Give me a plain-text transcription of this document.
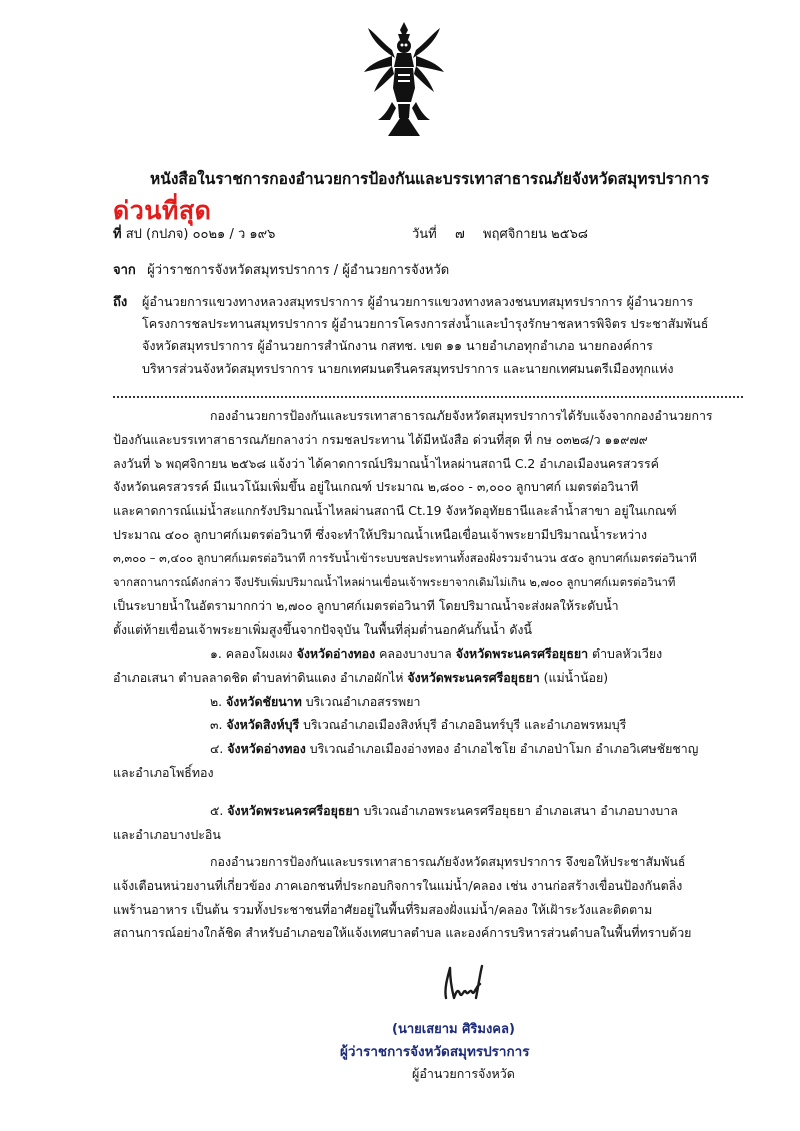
หนังสือในราชการกองอำนวยการป้องกันและบรรเทาสาธารณภัยจังหวัดสมุทรปราการ
ด่วนที่สุด
ที่ สป (กปภจ) ๐๐๒๑ / ว ๑๙๖	วันที่ ๗ พฤศจิกายน ๒๕๖๘
จาก ผู้ว่าราชการจังหวัดสมุทรปราการ / ผู้อำนวยการจังหวัด
ถึง ผู้อำนวยการแขวงทางหลวงสมุทรปราการ ผู้อำนวยการแขวงทางหลวงชนบทสมุทรปราการ ผู้อำนวยการ
โครงการชลประทานสมุทรปราการ ผู้อำนวยการโครงการส่งน้ำและบำรุงรักษาชลหารพิจิตร ประชาสัมพันธ์
จังหวัดสมุทรปราการ ผู้อำนวยการสำนักงาน กสทช. เขต ๑๑ นายอำเภอทุกอำเภอ นายกองค์การ
บริหารส่วนจังหวัดสมุทรปราการ นายกเทศมนตรีนครสมุทรปราการ และนายกเทศมนตรีเมืองทุกแห่ง
กองอำนวยการป้องกันและบรรเทาสาธารณภัยจังหวัดสมุทรปราการได้รับแจ้งจากกองอำนวยการ
ป้องกันและบรรเทาสาธารณภัยกลางว่า กรมชลประทาน ได้มีหนังสือ ด่วนที่สุด ที่ กษ ๐๓๒๘/ว ๑๑๙๗๙
ลงวันที่ ๖ พฤศจิกายน ๒๕๖๘ แจ้งว่า ได้คาดการณ์ปริมาณน้ำไหลผ่านสถานี C.2 อำเภอเมืองนครสวรรค์
จังหวัดนครสวรรค์ มีแนวโน้มเพิ่มขึ้น อยู่ในเกณฑ์ ประมาณ ๒,๘๐๐ - ๓,๐๐๐ ลูกบาศก์ เมตรต่อวินาที
และคาดการณ์แม่น้ำสะแกกรังปริมาณน้ำไหลผ่านสถานี Ct.19 จังหวัดอุทัยธานีและลำน้ำสาขา อยู่ในเกณฑ์
ประมาณ ๔๐๐ ลูกบาศก์เมตรต่อวินาที ซึ่งจะทำให้ปริมาณน้ำเหนือเขื่อนเจ้าพระยามีปริมาณน้ำระหว่าง
๓,๓๐๐ – ๓,๔๐๐ ลูกบาศก์เมตรต่อวินาที การรับน้ำเข้าระบบชลประทานทั้งสองฝั่งรวมจำนวน ๕๕๐ ลูกบาศก์เมตรต่อวินาที
จากสถานการณ์ดังกล่าว จึงปรับเพิ่มปริมาณน้ำไหลผ่านเขื่อนเจ้าพระยาจากเดิมไม่เกิน ๒,๗๐๐ ลูกบาศก์เมตรต่อวินาที
เป็นระบายน้ำในอัตรามากกว่า ๒,๗๐๐ ลูกบาศก์เมตรต่อวินาที โดยปริมาณน้ำจะส่งผลให้ระดับน้ำ
ตั้งแต่ท้ายเขื่อนเจ้าพระยาเพิ่มสูงขึ้นจากปัจจุบัน ในพื้นที่ลุ่มต่ำนอกคันกั้นน้ำ ดังนี้
๑. คลองโผงเผง จังหวัดอ่างทอง คลองบางบาล จังหวัดพระนครศรีอยุธยา ตำบลหัวเวียง
อำเภอเสนา ตำบลลาดชิด ตำบลท่าดินแดง อำเภอผักไห่ จังหวัดพระนครศรีอยุธยา (แม่น้ำน้อย)
๒. จังหวัดชัยนาท บริเวณอำเภอสรรพยา
๓. จังหวัดสิงห์บุรี บริเวณอำเภอเมืองสิงห์บุรี อำเภออินทร์บุรี และอำเภอพรหมบุรี
๔. จังหวัดอ่างทอง บริเวณอำเภอเมืองอ่างทอง อำเภอไชโย อำเภอป่าโมก อำเภอวิเศษชัยชาญ
และอำเภอโพธิ์ทอง
๕. จังหวัดพระนครศรีอยุธยา บริเวณอำเภอพระนครศรีอยุธยา อำเภอเสนา อำเภอบางบาล
และอำเภอบางปะอิน
กองอำนวยการป้องกันและบรรเทาสาธารณภัยจังหวัดสมุทรปราการ จึงขอให้ประชาสัมพันธ์
แจ้งเตือนหน่วยงานที่เกี่ยวข้อง ภาคเอกชนที่ประกอบกิจการในแม่น้ำ/คลอง เช่น งานก่อสร้างเขื่อนป้องกันตลิ่ง
แพร้านอาหาร เป็นต้น รวมทั้งประชาชนที่อาศัยอยู่ในพื้นที่ริมสองฝั่งแม่น้ำ/คลอง ให้เฝ้าระวังและติดตาม
สถานการณ์อย่างใกล้ชิด สำหรับอำเภอขอให้แจ้งเทศบาลตำบล และองค์การบริหารส่วนตำบลในพื้นที่ทราบด้วย
(นายเสยาม ศิริมงคล)
ผู้ว่าราชการจังหวัดสมุทรปราการ
ผู้อำนวยการจังหวัด
